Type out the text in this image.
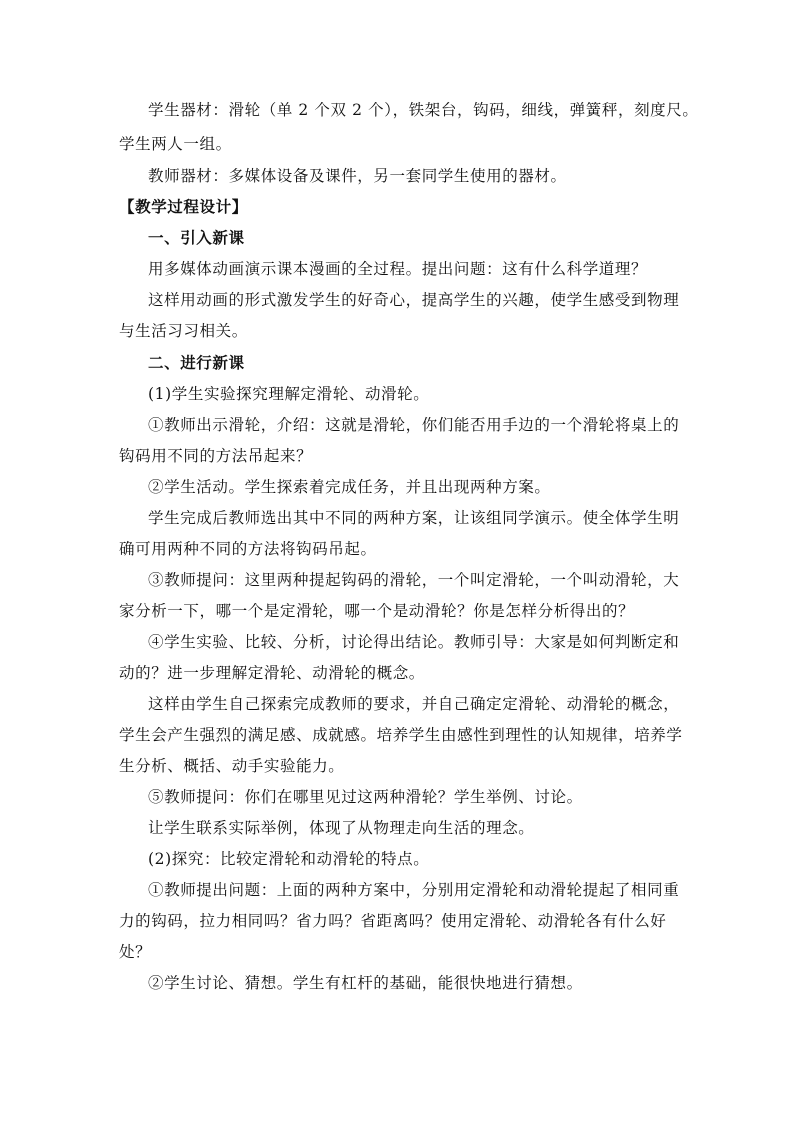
学生器材：滑轮（单 2 个双 2 个），铁架台，钩码，细线，弹簧秤，刻度尺。
学生两人一组。
教师器材：多媒体设备及课件，另一套同学生使用的器材。
【教学过程设计】
一、引入新课
用多媒体动画演示课本漫画的全过程。提出问题：这有什么科学道理？
这样用动画的形式激发学生的好奇心，提高学生的兴趣，使学生感受到物理
与生活习习相关。
二、进行新课
(1)学生实验探究理解定滑轮、动滑轮。
①教师出示滑轮，介绍：这就是滑轮，你们能否用手边的一个滑轮将桌上的
钩码用不同的方法吊起来？
②学生活动。学生探索着完成任务，并且出现两种方案。
学生完成后教师选出其中不同的两种方案，让该组同学演示。使全体学生明
确可用两种不同的方法将钩码吊起。
③教师提问：这里两种提起钩码的滑轮，一个叫定滑轮，一个叫动滑轮，大
家分析一下，哪一个是定滑轮，哪一个是动滑轮？你是怎样分析得出的？
④学生实验、比较、分析，讨论得出结论。教师引导：大家是如何判断定和
动的？进一步理解定滑轮、动滑轮的概念。
这样由学生自己探索完成教师的要求，并自己确定定滑轮、动滑轮的概念，
学生会产生强烈的满足感、成就感。培养学生由感性到理性的认知规律，培养学
生分析、概括、动手实验能力。
⑤教师提问：你们在哪里见过这两种滑轮？学生举例、讨论。
让学生联系实际举例，体现了从物理走向生活的理念。
(2)探究：比较定滑轮和动滑轮的特点。
①教师提出问题：上面的两种方案中，分别用定滑轮和动滑轮提起了相同重
力的钩码，拉力相同吗？省力吗？省距离吗？使用定滑轮、动滑轮各有什么好
处？
②学生讨论、猜想。学生有杠杆的基础，能很快地进行猜想。
